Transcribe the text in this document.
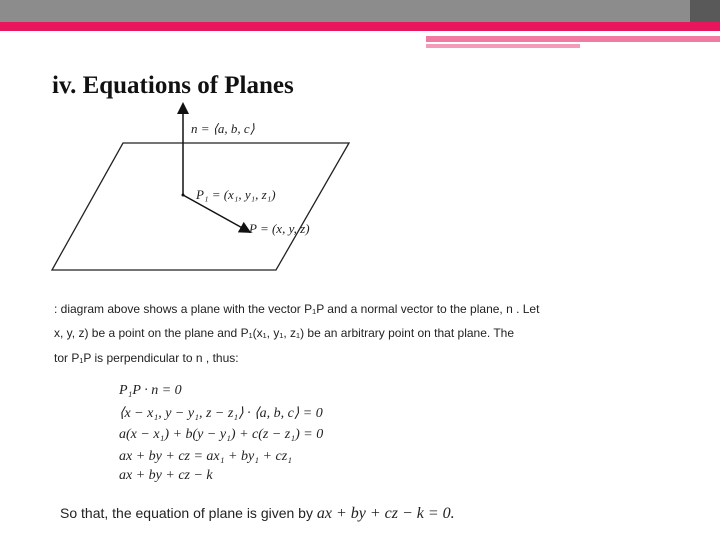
iv. Equations of Planes
n = ⟨a, b, c⟩
P₁ = (x₁, y₁, z₁)
P = (x, y, z)
: diagram above shows a plane with the vector P₁P and a normal vector to the plane, n . Let
x, y, z) be a point on the plane and P₁(x₁, y₁, z₁) be an arbitrary point on that plane. The
tor P₁P is perpendicular to n , thus:
P₁P · n = 0
⟨x − x₁, y − y₁, z − z₁⟩ · ⟨a, b, c⟩ = 0
a(x − x₁) + b(y − y₁) + c(z − z₁) = 0
ax + by + cz = ax₁ + by₁ + cz₁
ax + by + cz − k
So that, the equation of plane is given by ax + by + cz − k = 0.
